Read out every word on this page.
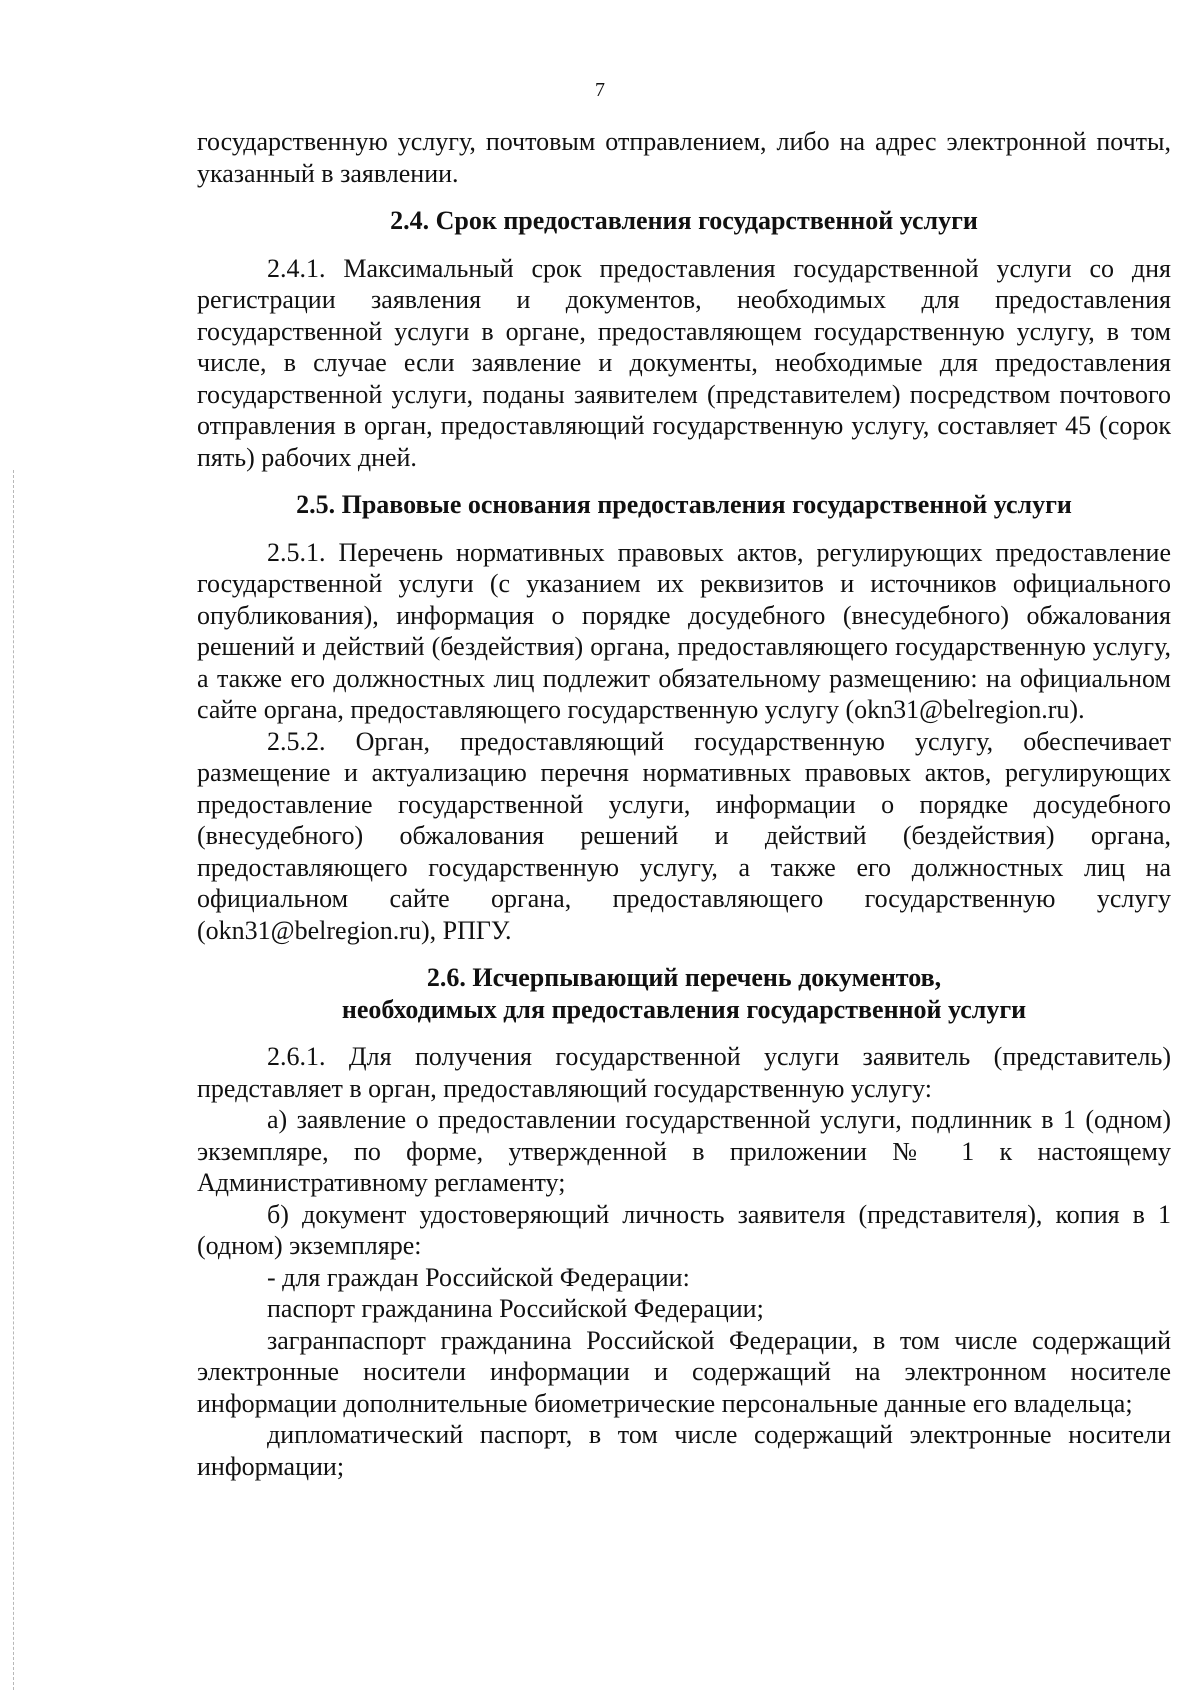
7

государственную услугу, почтовым отправлением, либо на адрес электронной почты, указанный в заявлении.

2.4. Срок предоставления государственной услуги

2.4.1. Максимальный срок предоставления государственной услуги со дня регистрации заявления и документов, необходимых для предоставления государственной услуги в органе, предоставляющем государственную услугу, в том числе, в случае если заявление и документы, необходимые для предоставления государственной услуги, поданы заявителем (представителем) посредством почтового отправления в орган, предоставляющий государственную услугу, составляет 45 (сорок пять) рабочих дней.

2.5. Правовые основания предоставления государственной услуги

2.5.1. Перечень нормативных правовых актов, регулирующих предоставление государственной услуги (с указанием их реквизитов и источников официального опубликования), информация о порядке досудебного (внесудебного) обжалования решений и действий (бездействия) органа, предоставляющего государственную услугу, а также его должностных лиц подлежит обязательному размещению: на официальном сайте органа, предоставляющего государственную услугу (okn31@belregion.ru).

2.5.2. Орган, предоставляющий государственную услугу, обеспечивает размещение и актуализацию перечня нормативных правовых актов, регулирующих предоставление государственной услуги, информации о порядке досудебного (внесудебного) обжалования решений и действий (бездействия) органа, предоставляющего государственную услугу, а также его должностных лиц на официальном сайте органа, предоставляющего государственную услугу (okn31@belregion.ru), РПГУ.

2.6. Исчерпывающий перечень документов,
необходимых для предоставления государственной услуги

2.6.1. Для получения государственной услуги заявитель (представитель) представляет в орган, предоставляющий государственную услугу:

а) заявление о предоставлении государственной услуги, подлинник в 1 (одном) экземпляре, по форме, утвержденной в приложении № 1 к настоящему Административному регламенту;

б) документ удостоверяющий личность заявителя (представителя), копия в 1 (одном) экземпляре:

- для граждан Российской Федерации:

паспорт гражданина Российской Федерации;

загранпаспорт гражданина Российской Федерации, в том числе содержащий электронные носители информации и содержащий на электронном носителе информации дополнительные биометрические персональные данные его владельца;

дипломатический паспорт, в том числе содержащий электронные носители информации;
